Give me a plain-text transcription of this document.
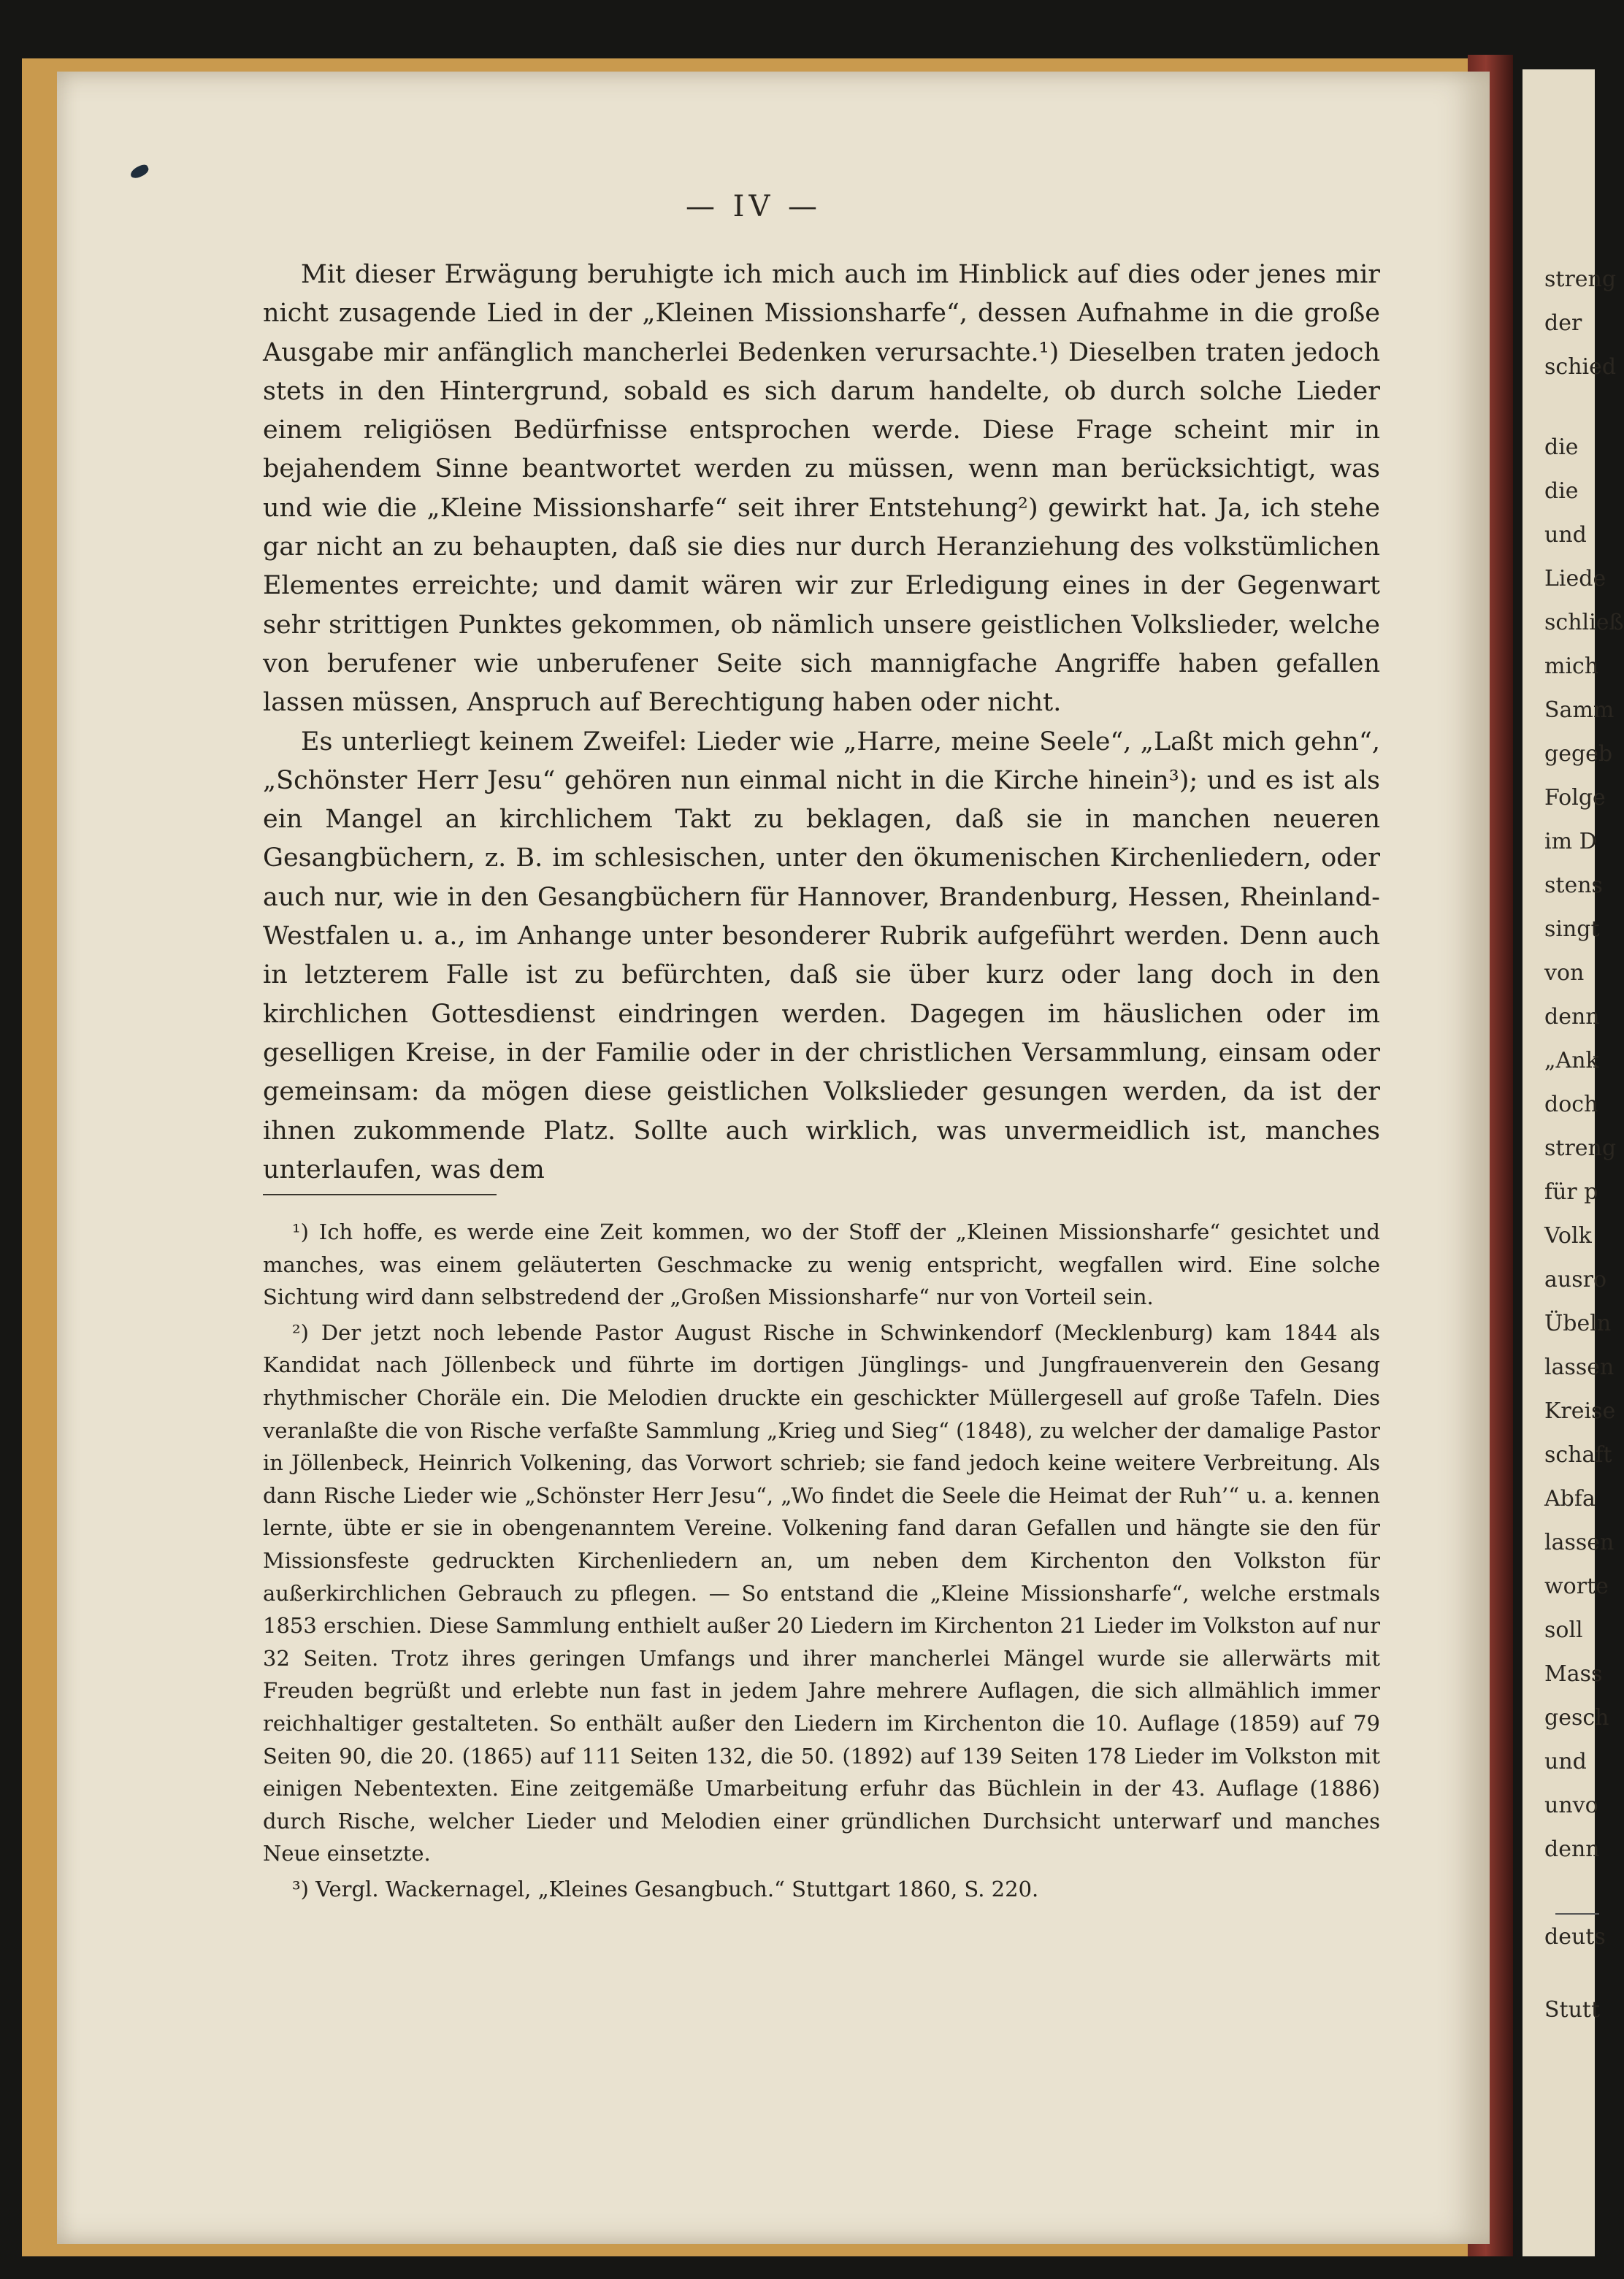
streng
der
schied
die
die
und
Liede
schließ
mich
Samm
gegeb
Folge
im D
stens
singt
von
denn
„Ank
doch
streng
für p
Volk
ausro
Übeln
lassen
Kreise
schaft
Abfa
lassen
worte
soll
Mass
gesch
und
unvo
denn
deuts
Stutt
— IV —

Mit dieser Erwägung beruhigte ich mich auch im Hinblick auf dies oder jenes mir nicht zusagende Lied in der „Kleinen Missionsharfe“, dessen Aufnahme in die große Ausgabe mir anfänglich mancherlei Bedenken verursachte.¹) Dieselben traten jedoch stets in den Hintergrund, sobald es sich darum handelte, ob durch solche Lieder einem religiösen Bedürfnisse entsprochen werde. Diese Frage scheint mir in bejahendem Sinne beantwortet werden zu müssen, wenn man berücksichtigt, was und wie die „Kleine Missionsharfe“ seit ihrer Entstehung²) gewirkt hat. Ja, ich stehe gar nicht an zu behaupten, daß sie dies nur durch Heranziehung des volkstümlichen Elementes erreichte; und damit wären wir zur Erledigung eines in der Gegenwart sehr strittigen Punktes gekommen, ob nämlich unsere geistlichen Volkslieder, welche von berufener wie unberufener Seite sich mannigfache Angriffe haben gefallen lassen müssen, Anspruch auf Berechtigung haben oder nicht.

Es unterliegt keinem Zweifel: Lieder wie „Harre, meine Seele“, „Laßt mich gehn“, „Schönster Herr Jesu“ gehören nun einmal nicht in die Kirche hinein³); und es ist als ein Mangel an kirchlichem Takt zu beklagen, daß sie in manchen neueren Gesangbüchern, z. B. im schlesischen, unter den ökumenischen Kirchenliedern, oder auch nur, wie in den Gesangbüchern für Hannover, Brandenburg, Hessen, Rheinland-Westfalen u. a., im Anhange unter besonderer Rubrik aufgeführt werden. Denn auch in letzterem Falle ist zu befürchten, daß sie über kurz oder lang doch in den kirchlichen Gottesdienst eindringen werden. Dagegen im häuslichen oder im geselligen Kreise, in der Familie oder in der christlichen Versammlung, einsam oder gemeinsam: da mögen diese geistlichen Volkslieder gesungen werden, da ist der ihnen zukommende Platz. Sollte auch wirklich, was unvermeidlich ist, manches unterlaufen, was dem

¹) Ich hoffe, es werde eine Zeit kommen, wo der Stoff der „Kleinen Missionsharfe“ gesichtet und manches, was einem geläuterten Geschmacke zu wenig entspricht, wegfallen wird. Eine solche Sichtung wird dann selbstredend der „Großen Missionsharfe“ nur von Vorteil sein.

²) Der jetzt noch lebende Pastor August Rische in Schwinkendorf (Mecklenburg) kam 1844 als Kandidat nach Jöllenbeck und führte im dortigen Jünglings- und Jungfrauenverein den Gesang rhythmischer Choräle ein. Die Melodien druckte ein geschickter Müllergesell auf große Tafeln. Dies veranlaßte die von Rische verfaßte Sammlung „Krieg und Sieg“ (1848), zu welcher der damalige Pastor in Jöllenbeck, Heinrich Volkening, das Vorwort schrieb; sie fand jedoch keine weitere Verbreitung. Als dann Rische Lieder wie „Schönster Herr Jesu“, „Wo findet die Seele die Heimat der Ruh’“ u. a. kennen lernte, übte er sie in obengenanntem Vereine. Volkening fand daran Gefallen und hängte sie den für Missionsfeste gedruckten Kirchenliedern an, um neben dem Kirchenton den Volkston für außerkirchlichen Gebrauch zu pflegen. — So entstand die „Kleine Missionsharfe“, welche erstmals 1853 erschien. Diese Sammlung enthielt außer 20 Liedern im Kirchenton 21 Lieder im Volkston auf nur 32 Seiten. Trotz ihres geringen Umfangs und ihrer mancherlei Mängel wurde sie allerwärts mit Freuden begrüßt und erlebte nun fast in jedem Jahre mehrere Auflagen, die sich allmählich immer reichhaltiger gestalteten. So enthält außer den Liedern im Kirchenton die 10. Auflage (1859) auf 79 Seiten 90, die 20. (1865) auf 111 Seiten 132, die 50. (1892) auf 139 Seiten 178 Lieder im Volkston mit einigen Nebentexten. Eine zeitgemäße Umarbeitung erfuhr das Büchlein in der 43. Auflage (1886) durch Rische, welcher Lieder und Melodien einer gründlichen Durchsicht unterwarf und manches Neue einsetzte.

³) Vergl. Wackernagel, „Kleines Gesangbuch.“ Stuttgart 1860, S. 220.
